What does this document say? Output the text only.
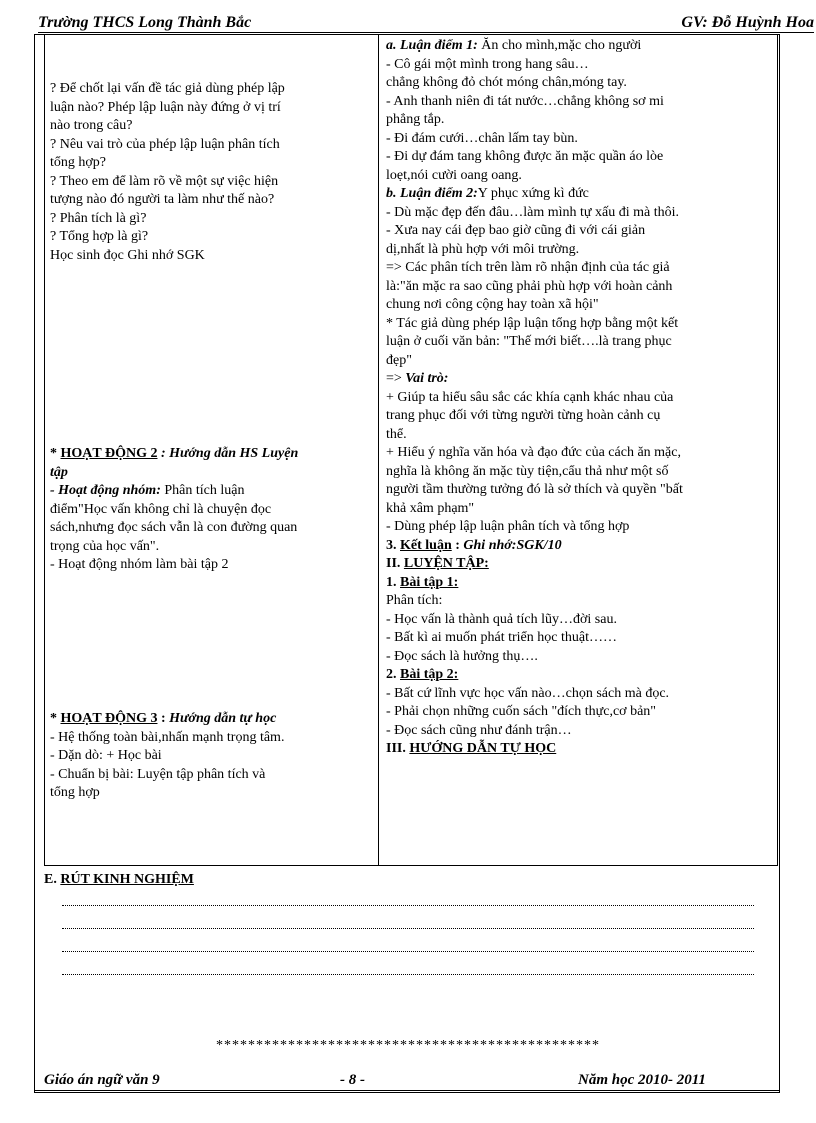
Trường THCS Long Thành Bắc	GV: Đỗ Huỳnh Hoa
? Để chốt lại vấn đề tác giả dùng phép lập
luận nào? Phép lập luận này đứng ở vị trí
nào trong câu?
? Nêu vai trò của phép lập luận phân tích
tổng hợp?
? Theo em để làm rõ về một sự việc hiện
tượng nào đó người ta làm như thế nào?
? Phân tích là gì?
? Tổng hợp là gì?
Học sinh đọc Ghi nhớ SGK
* HOẠT ĐỘNG 2 : Hướng dẫn HS Luyện
tập
- Hoạt động nhóm: Phân tích luận
điểm"Học vấn không chỉ là chuyện đọc
sách,nhưng đọc sách vẫn là con đường quan
trọng của học vấn".
- Hoạt động nhóm làm bài tập 2
* HOẠT ĐỘNG 3 : Hướng dẫn tự học
- Hệ thống toàn bài,nhấn mạnh trọng tâm.
- Dặn dò: + Học bài
- Chuẩn bị bài: Luyện tập phân tích và
tổng hợp
a. Luận điểm 1: Ăn cho mình,mặc cho người
- Cô gái một mình trong hang sâu…
chẳng không đỏ chót móng chân,móng tay.
- Anh thanh niên đi tát nước…chẳng không sơ mi
phẳng tắp.
- Đi đám cưới…chân lấm tay bùn.
- Đi dự đám tang không được ăn mặc quần áo lòe
loẹt,nói cười oang oang.
b. Luận điểm 2:Y phục xứng kì đức
- Dù mặc đẹp đến đâu…làm mình tự xấu đi mà thôi.
- Xưa nay cái đẹp bao giờ cũng đi với cái giản
dị,nhất là phù hợp với môi trường.
=> Các phân tích trên làm rõ nhận định của tác giả
là:"ăn mặc ra sao cũng phải phù hợp với hoàn cảnh
chung nơi công cộng hay toàn xã hội"
* Tác giả dùng phép lập luận tổng hợp bằng một kết
luận ở cuối văn bản: "Thế mới biết….là trang phục
đẹp"
=> Vai trò:
+ Giúp ta hiểu sâu sắc các khía cạnh khác nhau của
trang phục đối với từng người từng hoàn cảnh cụ
thể.
+ Hiểu ý nghĩa văn hóa và đạo đức của cách ăn mặc,
nghĩa là không ăn mặc tùy tiện,cẩu thả như một số
người tầm thường tưởng đó là sở thích và quyền "bất
khả xâm phạm"
- Dùng phép lập luận phân tích và tổng hợp
3. Kết luận : Ghi nhớ:SGK/10
II. LUYỆN TẬP:
1. Bài tập 1:
Phân tích:
- Học vấn là thành quả tích lũy…đời sau.
- Bất kì ai muốn phát triển học thuật……
- Đọc sách là hưởng thụ….
2. Bài tập 2:
- Bất cứ lĩnh vực học vấn nào…chọn sách mà đọc.
- Phải chọn những cuốn sách "đích thực,cơ bản"
- Đọc sách cũng như đánh trận…
III. HƯỚNG DẪN TỰ HỌC
E. RÚT KINH NGHIỆM
************************************************
Giáo án ngữ văn 9	- 8 -	Năm học 2010- 2011
